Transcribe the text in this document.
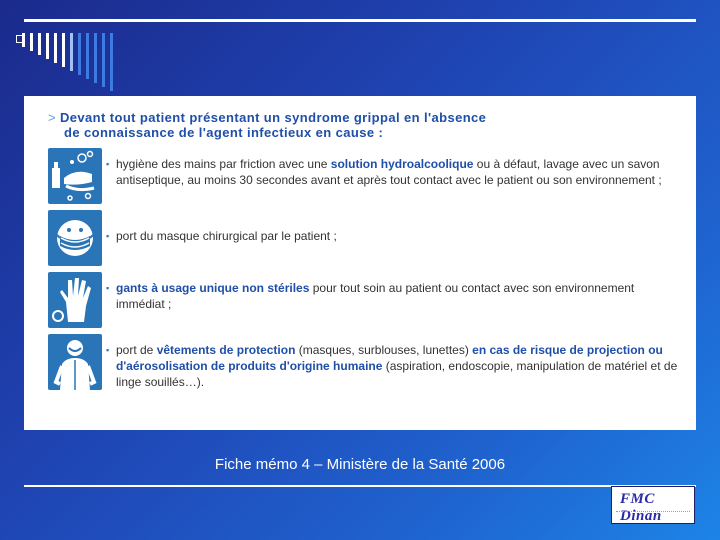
> Devant tout patient présentant un syndrome grippal en l'absence
de connaissance de l'agent infectieux en cause :
▪ hygiène des mains par friction avec une solution hydroalcoolique ou à défaut, lavage avec un savon antiseptique, au moins 30 secondes avant et après tout contact avec le patient ou son environnement ;
▪ port du masque chirurgical par le patient ;
▪ gants à usage unique non stériles pour tout soin au patient ou contact avec son environnement immédiat ;
▪ port de vêtements de protection (masques, surblouses, lunettes) en cas de risque de projection ou d'aérosolisation de produits d'origine humaine (aspiration, endoscopie, manipulation de matériel et de linge souillés…).
Fiche mémo 4 – Ministère de la Santé 2006
FMC Dinan
